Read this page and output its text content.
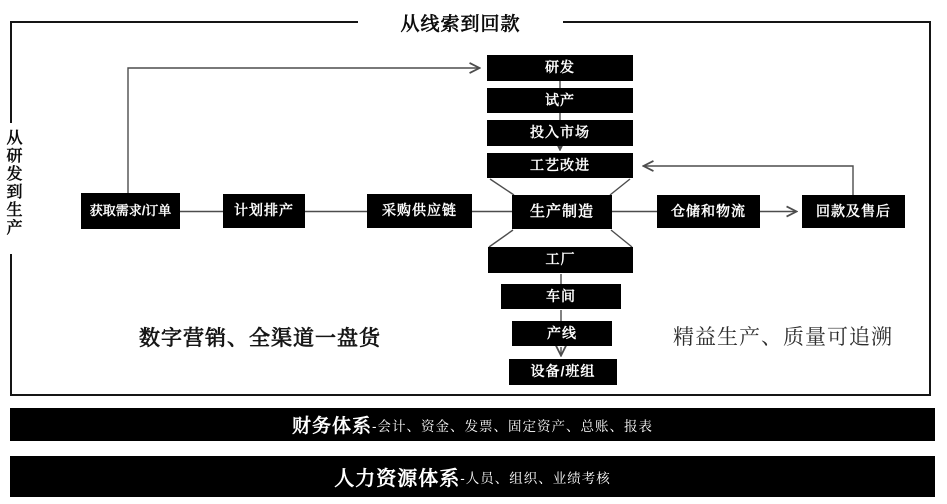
从线索到回款
从研发到生产
研发
试产
投入市场
工艺改进
获取需求/订单	计划排产	采购供应链	生产制造	仓储和物流	回款及售后
工厂
车间
产线
设备/班组
数字营销、全渠道一盘货	精益生产、质量可追溯
财务体系 -会计、资金、发票、固定资产、总账、报表
人力资源体系 -人员、组织、业绩考核
